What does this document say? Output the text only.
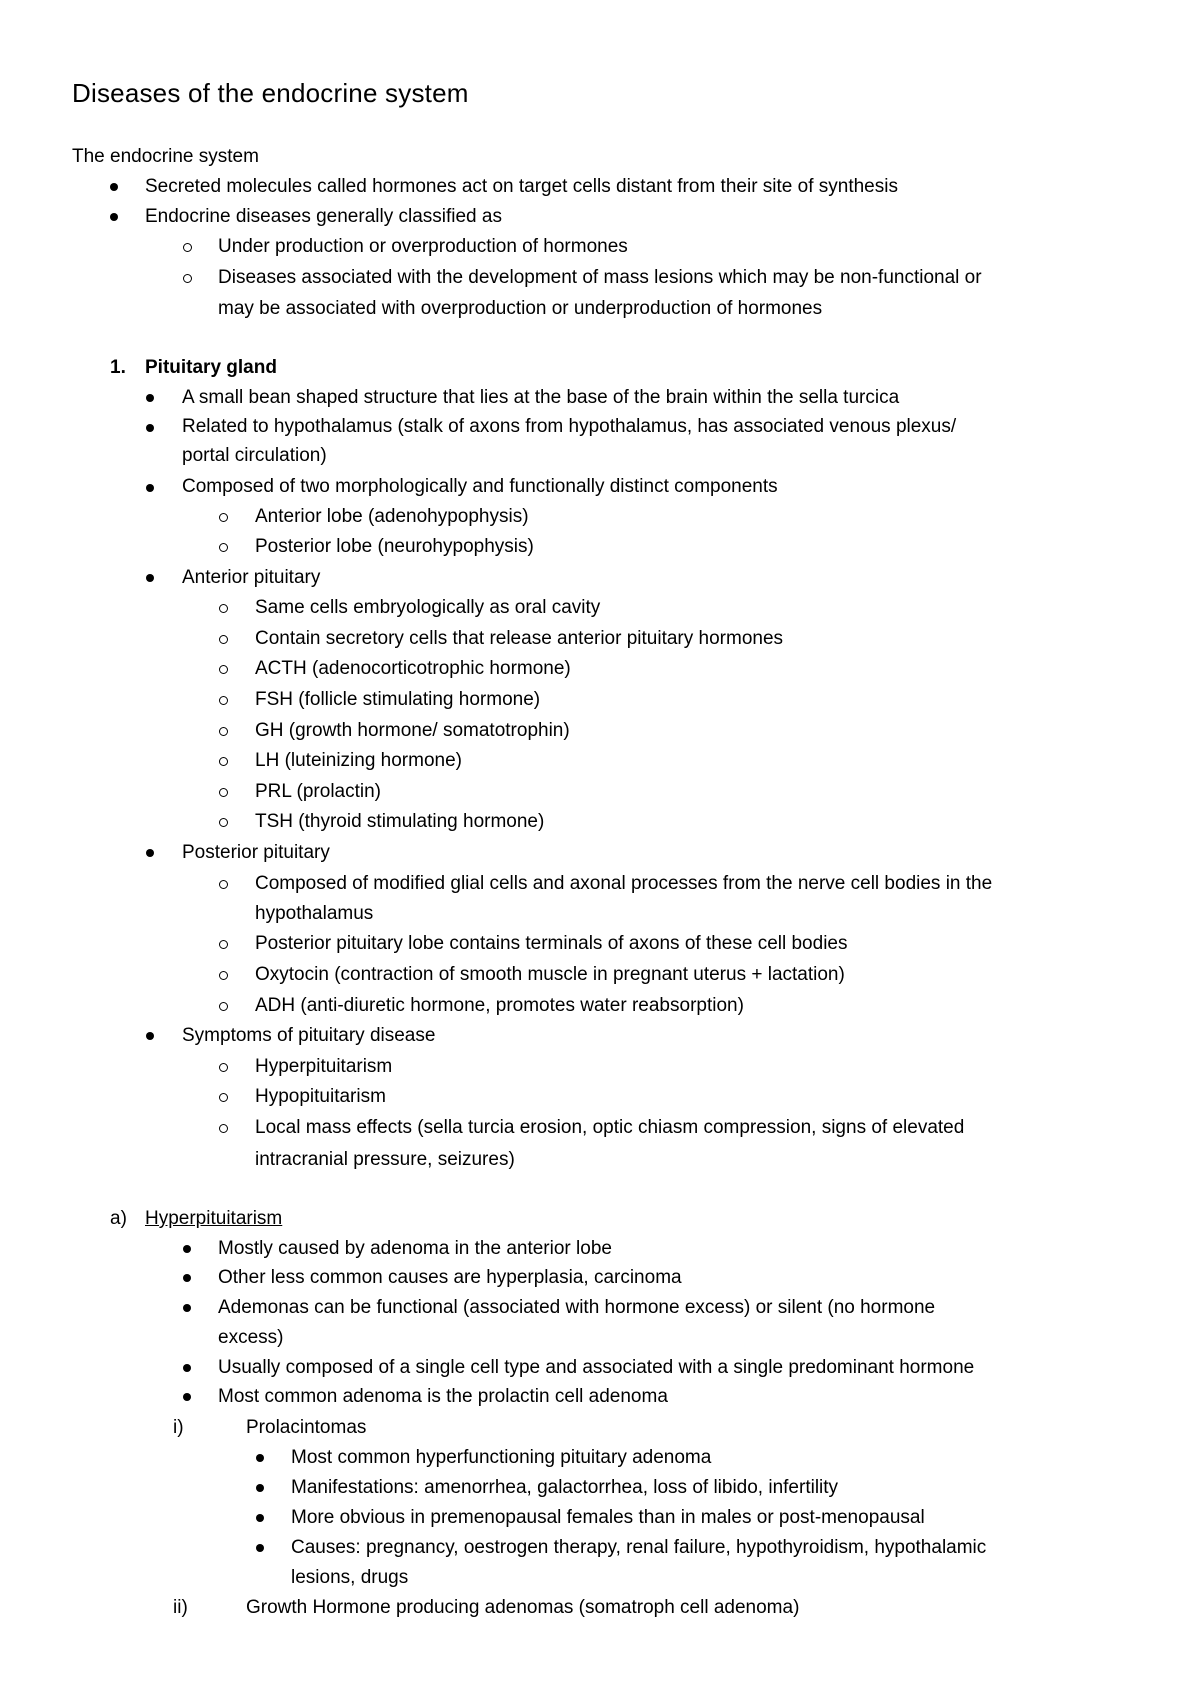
Diseases of the endocrine system
The endocrine system
Secreted molecules called hormones act on target cells distant from their site of synthesis
Endocrine diseases generally classified as
Under production or overproduction of hormones
Diseases associated with the development of mass lesions which may be non-functional or
may be associated with overproduction or underproduction of hormones
1. Pituitary gland
A small bean shaped structure that lies at the base of the brain within the sella turcica
Related to hypothalamus (stalk of axons from hypothalamus, has associated venous plexus/
portal circulation)
Composed of two morphologically and functionally distinct components
Anterior lobe (adenohypophysis)
Posterior lobe (neurohypophysis)
Anterior pituitary
Same cells embryologically as oral cavity
Contain secretory cells that release anterior pituitary hormones
ACTH (adenocorticotrophic hormone)
FSH (follicle stimulating hormone)
GH (growth hormone/ somatotrophin)
LH (luteinizing hormone)
PRL (prolactin)
TSH (thyroid stimulating hormone)
Posterior pituitary
Composed of modified glial cells and axonal processes from the nerve cell bodies in the
hypothalamus
Posterior pituitary lobe contains terminals of axons of these cell bodies
Oxytocin (contraction of smooth muscle in pregnant uterus + lactation)
ADH (anti-diuretic hormone, promotes water reabsorption)
Symptoms of pituitary disease
Hyperpituitarism
Hypopituitarism
Local mass effects (sella turcia erosion, optic chiasm compression, signs of elevated
intracranial pressure, seizures)
a) Hyperpituitarism
Mostly caused by adenoma in the anterior lobe
Other less common causes are hyperplasia, carcinoma
Ademonas can be functional (associated with hormone excess) or silent (no hormone
excess)
Usually composed of a single cell type and associated with a single predominant hormone
Most common adenoma is the prolactin cell adenoma
i)	Prolacintomas
Most common hyperfunctioning pituitary adenoma
Manifestations: amenorrhea, galactorrhea, loss of libido, infertility
More obvious in premenopausal females than in males or post-menopausal
Causes: pregnancy, oestrogen therapy, renal failure, hypothyroidism, hypothalamic
lesions, drugs
ii)	Growth Hormone producing adenomas (somatroph cell adenoma)
